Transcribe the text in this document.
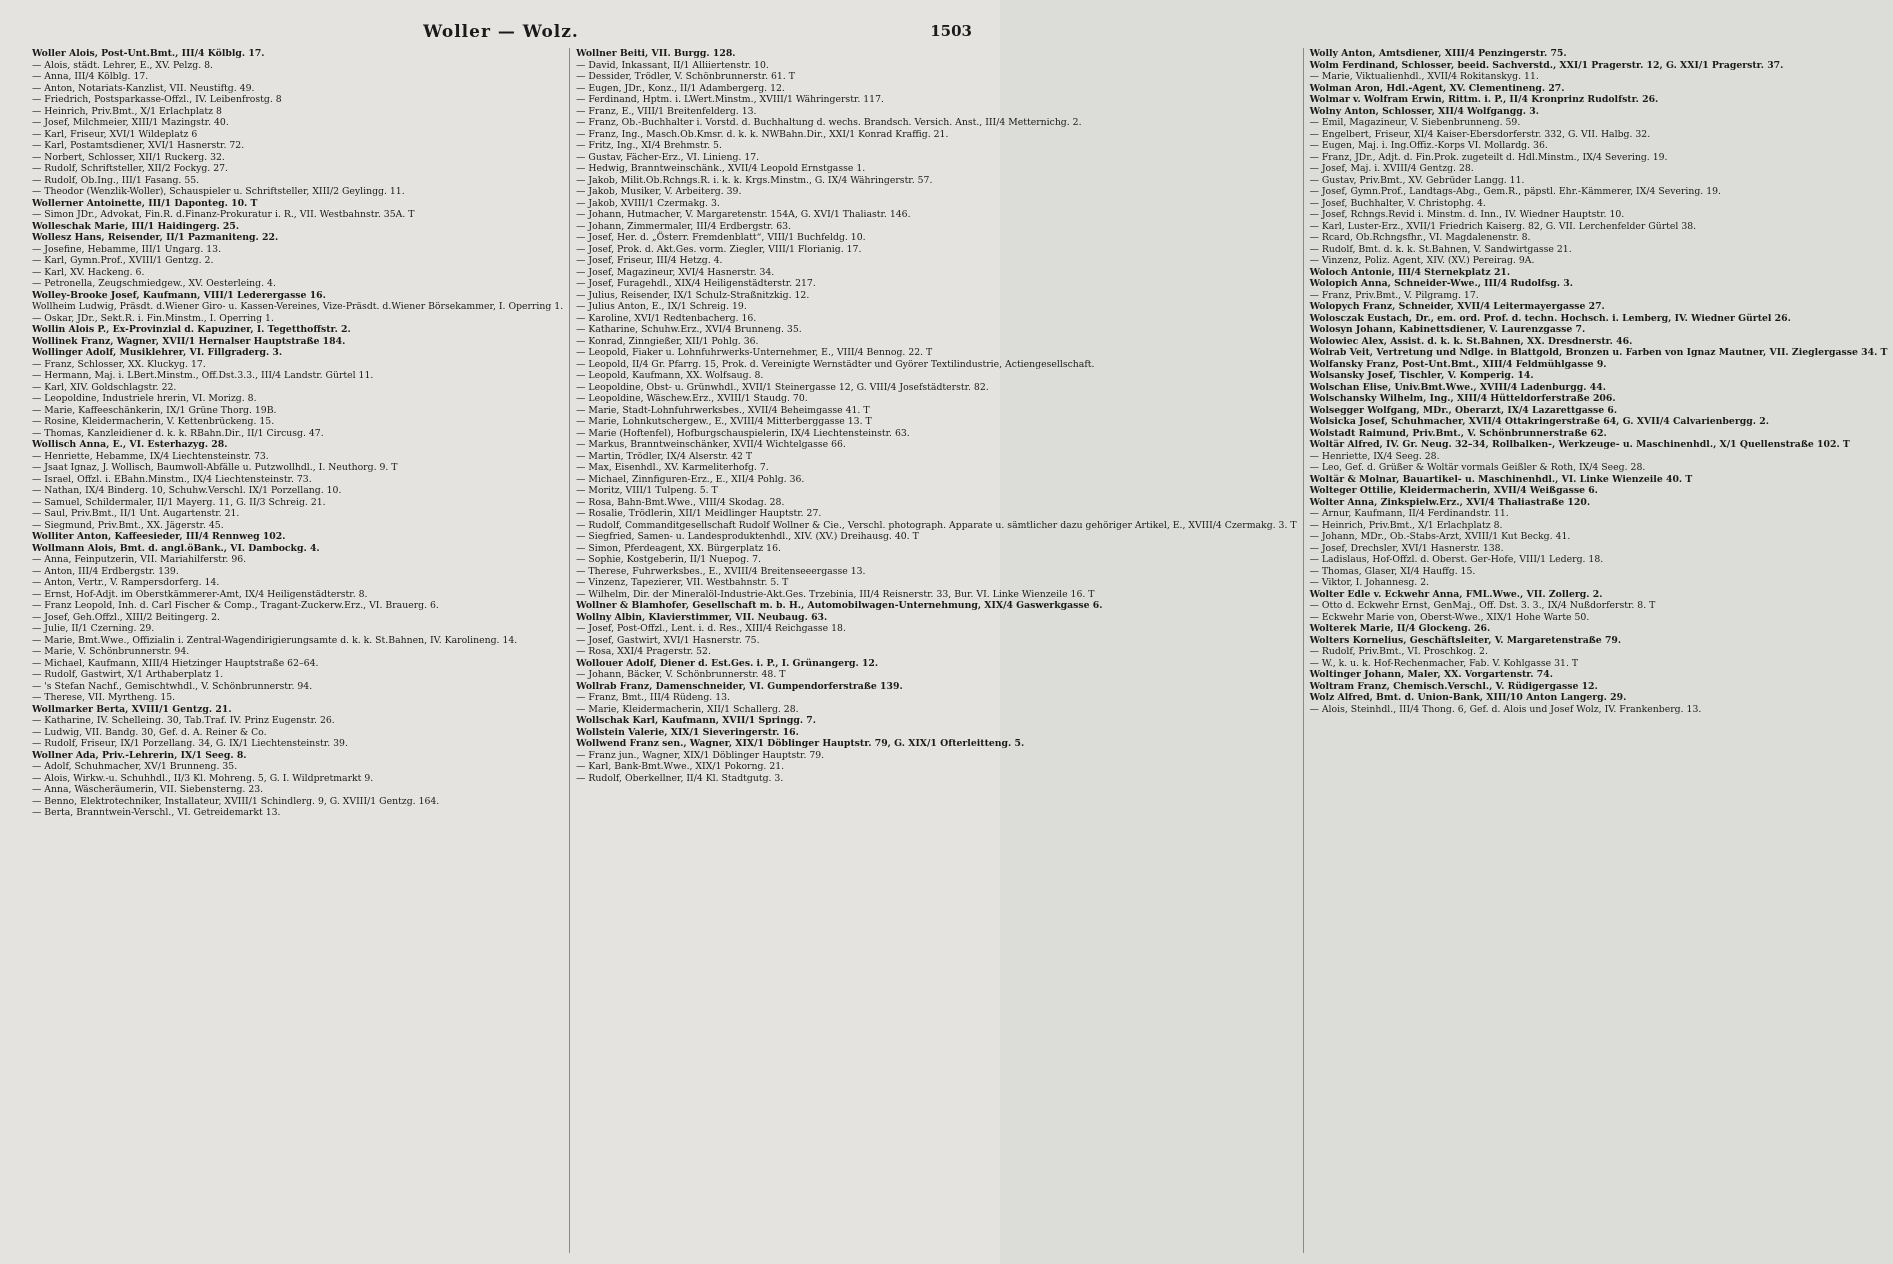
Woller — Wolz.	1503

Woller Alois, Post-Unt.Bmt., III/4 Kölblg. 17.

— Alois, städt. Lehrer, E., XV. Pelzg. 8.

— Anna, III/4 Kölblg. 17.

— Anton, Notariats-Kanzlist, VII. Neustiftg. 49.

— Friedrich, Postsparkasse-Offzl., IV. Leibenfrostg. 8

— Heinrich, Priv.Bmt., X/1 Erlachplatz 8

— Josef, Milchmeier, XIII/1 Mazingstr. 40.

— Karl, Friseur, XVI/1 Wildeplatz 6

— Karl, Postamtsdiener, XVI/1 Hasnerstr. 72.

— Norbert, Schlosser, XII/1 Ruckerg. 32.

— Rudolf, Schriftsteller, XII/2 Fockyg. 27.

— Rudolf, Ob.Ing., III/1 Fasang. 55.

— Theodor (Wenzlik-Woller), Schauspieler u. Schriftsteller, XIII/2 Geylingg. 11.

Wollerner Antoinette, III/1 Daponteg. 10. T

— Simon JDr., Advokat, Fin.R. d.Finanz-Prokuratur i. R., VII. Westbahnstr. 35A. T

Wolleschak Marie, III/1 Haidingerg. 25.

Wollesz Hans, Reisender, II/1 Pazmaniteng. 22.

— Josefine, Hebamme, III/1 Ungarg. 13.

— Karl, Gymn.Prof., XVIII/1 Gentzg. 2.

— Karl, XV. Hackeng. 6.

— Petronella, Zeugschmiedgew., XV. Oesterleing. 4.

Wolley-Brooke Josef, Kaufmann, VIII/1 Lederergasse 16.

Wollheim Ludwig, Präsdt. d.Wiener Giro- u. Kassen-Vereines, Vize-Präsdt. d.Wiener Börsekammer, I. Operring 1.

— Oskar, JDr., Sekt.R. i. Fin.Minstm., I. Operring 1.

Wollin Alois P., Ex-Provinzial d. Kapuziner, I. Tegetthoffstr. 2.

Wollinek Franz, Wagner, XVII/1 Hernalser Hauptstraße 184.

Wollinger Adolf, Musiklehrer, VI. Fillgraderg. 3.

— Franz, Schlosser, XX. Kluckyg. 17.

— Hermann, Maj. i. LBert.Minstm., Off.Dst.3.3., III/4 Landstr. Gürtel 11.

— Karl, XIV. Goldschlagstr. 22.

— Leopoldine, Industriele hrerin, VI. Morizg. 8.

— Marie, Kaffeeschänkerin, IX/1 Grüne Thorg. 19B.

— Rosine, Kleidermacherin, V. Kettenbrückeng. 15.

— Thomas, Kanzleidiener d. k. k. RBahn.Dir., II/1 Circusg. 47.

Wollisch Anna, E., VI. Esterhazyg. 28.

— Henriette, Hebamme, IX/4 Liechtensteinstr. 73.

— Jsaat Ignaz, J. Wollisch, Baumwoll-Abfälle u. Putzwollhdl., I. Neuthorg. 9. T

— Israel, Offzl. i. EBahn.Minstm., IX/4 Liechtensteinstr. 73.

— Nathan, IX/4 Binderg. 10, Schuhw.Verschl. IX/1 Porzellang. 10.

— Samuel, Schildermaler, II/1 Mayerg. 11, G. II/3 Schreig. 21.

— Saul, Priv.Bmt., II/1 Unt. Augartenstr. 21.

— Siegmund, Priv.Bmt., XX. Jägerstr. 45.

Wolliter Anton, Kaffeesieder, III/4 Rennweg 102.

Wollmann Alois, Bmt. d. angl.öBank., VI. Dambockg. 4.

— Anna, Feinputzerin, VII. Mariahilferstr. 96.

— Anton, III/4 Erdbergstr. 139.

— Anton, Vertr., V. Rampersdorferg. 14.

— Ernst, Hof-Adjt. im Oberstkämmerer-Amt, IX/4 Heiligenstädterstr. 8.

— Franz Leopold, Inh. d. Carl Fischer & Comp., Tragant-Zuckerw.Erz., VI. Brauerg. 6.

— Josef, Geh.Offzl., XIII/2 Beitingerg. 2.

— Julie, II/1 Czerning. 29.

— Marie, Bmt.Wwe., Offizialin i. Zentral-Wagendirigierungsamte d. k. k. St.Bahnen, IV. Karolineng. 14.

— Marie, V. Schönbrunnerstr. 94.

— Michael, Kaufmann, XIII/4 Hietzinger Hauptstraße 62–64.

— Rudolf, Gastwirt, X/1 Arthaberplatz 1.

— 's Stefan Nachf., Gemischtwhdl., V. Schönbrunnerstr. 94.

— Therese, VII. Myrtheng. 15.

Wollmarker Berta, XVIII/1 Gentzg. 21.

— Katharine, IV. Schelleing. 30, Tab.Traf. IV. Prinz Eugenstr. 26.

— Ludwig, VII. Bandg. 30, Gef. d. A. Reiner & Co.

— Rudolf, Friseur, IX/1 Porzellang. 34, G. IX/1 Liechtensteinstr. 39.

Wollner Ada, Priv.-Lehrerin, IX/1 Seeg. 8.

— Adolf, Schuhmacher, XV/1 Brunneng. 35.

— Alois, Wirkw.-u. Schuhhdl., II/3 Kl. Mohreng. 5, G. I. Wildpretmarkt 9.

— Anna, Wäscheräumerin, VII. Siebensterng. 23.

— Benno, Elektrotechniker, Installateur, XVIII/1 Schindlerg. 9, G. XVIII/1 Gentzg. 164.

— Berta, Branntwein-Verschl., VI. Getreidemarkt 13.

Wollner Beiti, VII. Burgg. 128.

— David, Inkassant, II/1 Alliiertenstr. 10.

— Dessider, Trödler, V. Schönbrunnerstr. 61. T

— Eugen, JDr., Konz., II/1 Adambergerg. 12.

— Ferdinand, Hptm. i. LWert.Minstm., XVIII/1 Währingerstr. 117.

— Franz, E., VIII/1 Breitenfelderg. 13.

— Franz, Ob.-Buchhalter i. Vorstd. d. Buchhaltung d. wechs. Brandsch. Versich. Anst., III/4 Metternichg. 2.

— Franz, Ing., Masch.Ob.Kmsr. d. k. k. NWBahn.Dir., XXI/1 Konrad Kraffig. 21.

— Fritz, Ing., XI/4 Brehmstr. 5.

— Gustav, Fächer-Erz., VI. Linieng. 17.

— Hedwig, Branntweinschänk., XVII/4 Leopold Ernstgasse 1.

— Jakob, Milit.Ob.Rchngs.R. i. k. k. Krgs.Minstm., G. IX/4 Währingerstr. 57.

— Jakob, Musiker, V. Arbeiterg. 39.

— Jakob, XVIII/1 Czermakg. 3.

— Johann, Hutmacher, V. Margaretenstr. 154A, G. XVI/1 Thaliastr. 146.

— Johann, Zimmermaler, III/4 Erdbergstr. 63.

— Josef, Her. d. „Österr. Fremdenblatt“, VIII/1 Buchfeldg. 10.

— Josef, Prok. d. Akt.Ges. vorm. Ziegler, VIII/1 Florianig. 17.

— Josef, Friseur, III/4 Hetzg. 4.

— Josef, Magazineur, XVI/4 Hasnerstr. 34.

— Josef, Furagehdl., XIX/4 Heiligenstädterstr. 217.

— Julius, Reisender, IX/1 Schulz-Straßnitzkig. 12.

— Julius Anton, E., IX/1 Schreig. 19.

— Karoline, XVI/1 Redtenbacherg. 16.

— Katharine, Schuhw.Erz., XVI/4 Brunneng. 35.

— Konrad, Zinngießer, XII/1 Pohlg. 36.

— Leopold, Fiaker u. Lohnfuhrwerks-Unternehmer, E., VIII/4 Bennog. 22. T

— Leopold, II/4 Gr. Pfarrg. 15, Prok. d. Vereinigte Wernstädter und Györer Textilindustrie, Actiengesellschaft.

— Leopold, Kaufmann, XX. Wolfsaug. 8.

— Leopoldine, Obst- u. Grünwhdl., XVII/1 Steinergasse 12, G. VIII/4 Josefstädterstr. 82.

— Leopoldine, Wäschew.Erz., XVIII/1 Staudg. 70.

— Marie, Stadt-Lohnfuhrwerksbes., XVII/4 Beheimgasse 41. T

— Marie, Lohnkutschergew., E., XVIII/4 Mitterberggasse 13. T

— Marie (Hoftenfel), Hofburgschauspielerin, IX/4 Liechtensteinstr. 63.

— Markus, Branntweinschänker, XVII/4 Wichtelgasse 66.

— Martin, Trödler, IX/4 Alserstr. 42 T

— Max, Eisenhdl., XV. Karmeliterhofg. 7.

— Michael, Zinnfiguren-Erz., E., XII/4 Pohlg. 36.

— Moritz, VIII/1 Tulpeng. 5. T

— Rosa, Bahn-Bmt.Wwe., VIII/4 Skodag. 28.

— Rosalie, Trödlerin, XII/1 Meidlinger Hauptstr. 27.

— Rudolf, Commanditgesellschaft Rudolf Wollner & Cie., Verschl. photograph. Apparate u. sämtlicher dazu gehöriger Artikel, E., XVIII/4 Czermakg. 3. T

— Siegfried, Samen- u. Landesproduktenhdl., XIV. (XV.) Dreihausg. 40. T

— Simon, Pferdeagent, XX. Bürgerplatz 16.

— Sophie, Kostgeberin, II/1 Nuepog. 7.

— Therese, Fuhrwerksbes., E., XVIII/4 Breitenseeergasse 13.

— Vinzenz, Tapezierer, VII. Westbahnstr. 5. T

— Wilhelm, Dir. der Mineralöl-Industrie-Akt.Ges. Trzebinia, III/4 Reisnerstr. 33, Bur. VI. Linke Wienzeile 16. T

Wollner & Blamhofer, Gesellschaft m. b. H., Automobilwagen-Unternehmung, XIX/4 Gaswerkgasse 6.

Wollny Albin, Klavierstimmer, VII. Neubaug. 63.

— Josef, Post-Offzl., Lent. i. d. Res., XIII/4 Reichgasse 18.

— Josef, Gastwirt, XVI/1 Hasnerstr. 75.

— Rosa, XXI/4 Pragerstr. 52.

Wollouer Adolf, Diener d. Est.Ges. i. P., I. Grünangerg. 12.

— Johann, Bäcker, V. Schönbrunnerstr. 48. T

Wollrab Franz, Damenschneider, VI. Gumpendorferstraße 139.

— Franz, Bmt., III/4 Rüdeng. 13.

— Marie, Kleidermacherin, XII/1 Schallerg. 28.

Wollschak Karl, Kaufmann, XVII/1 Springg. 7.

Wollstein Valerie, XIX/1 Sieveringerstr. 16.

Wollwend Franz sen., Wagner, XIX/1 Döblinger Hauptstr. 79, G. XIX/1 Ofterleitteng. 5.

— Franz jun., Wagner, XIX/1 Döblinger Hauptstr. 79.

— Karl, Bank-Bmt.Wwe., XIX/1 Pokorng. 21.

— Rudolf, Oberkellner, II/4 Kl. Stadtgutg. 3.

Wolly Anton, Amtsdiener, XIII/4 Penzingerstr. 75.

Wolm Ferdinand, Schlosser, beeid. Sachverstd., XXI/1 Pragerstr. 12, G. XXI/1 Pragerstr. 37.

— Marie, Viktualienhdl., XVII/4 Rokitanskyg. 11.

Wolman Aron, Hdl.-Agent, XV. Clementineng. 27.

Wolmar v. Wolfram Erwin, Rittm. i. P., II/4 Kronprinz Rudolfstr. 26.

Wolny Anton, Schlosser, XII/4 Wolfgangg. 3.

— Emil, Magazineur, V. Siebenbrunneng. 59.

— Engelbert, Friseur, XI/4 Kaiser-Ebersdorferstr. 332, G. VII. Halbg. 32.

— Eugen, Maj. i. Ing.Offiz.-Korps VI. Mollardg. 36.

— Franz, JDr., Adjt. d. Fin.Prok. zugeteilt d. Hdl.Minstm., IX/4 Severing. 19.

— Josef, Maj. i. XVIII/4 Gentzg. 28.

— Gustav, Priv.Bmt., XV. Gebrüder Langg. 11.

— Josef, Gymn.Prof., Landtags-Abg., Gem.R., päpstl. Ehr.-Kämmerer, IX/4 Severing. 19.

— Josef, Buchhalter, V. Christophg. 4.

— Josef, Rchngs.Revid i. Minstm. d. Inn., IV. Wiedner Hauptstr. 10.

— Karl, Luster-Erz., XVII/1 Friedrich Kaiserg. 82, G. VII. Lerchenfelder Gürtel 38.

— Rcard, Ob.Rchngsfhr., VI. Magdalenenstr. 8.

— Rudolf, Bmt. d. k. k. St.Bahnen, V. Sandwirtgasse 21.

— Vinzenz, Poliz. Agent, XIV. (XV.) Pereirag. 9A.

Woloch Antonie, III/4 Sternekplatz 21.

Wolopich Anna, Schneider-Wwe., III/4 Rudolfsg. 3.

— Franz, Priv.Bmt., V. Pilgramg. 17.

Wolopych Franz, Schneider, XVII/4 Leitermayergasse 27.

Wolosczak Eustach, Dr., em. ord. Prof. d. techn. Hochsch. i. Lemberg, IV. Wiedner Gürtel 26.

Wolosyn Johann, Kabinettsdiener, V. Laurenzgasse 7.

Wolowiec Alex, Assist. d. k. k. St.Bahnen, XX. Dresdnerstr. 46.

Wolrab Veit, Vertretung und Ndlge. in Blattgold, Bronzen u. Farben von Ignaz Mautner, VII. Zieglergasse 34. T

Wolfansky Franz, Post-Unt.Bmt., XIII/4 Feldmühlgasse 9.

Wolsansky Josef, Tischler, V. Komperig. 14.

Wolschan Elise, Univ.Bmt.Wwe., XVIII/4 Ladenburgg. 44.

Wolschansky Wilhelm, Ing., XIII/4 Hütteldorferstraße 206.

Wolsegger Wolfgang, MDr., Oberarzt, IX/4 Lazarettgasse 6.

Wolsicka Josef, Schuhmacher, XVII/4 Ottakringerstraße 64, G. XVII/4 Calvarienbergg. 2.

Wolstadt Raimund, Priv.Bmt., V. Schönbrunnerstraße 62.

Woltär Alfred, IV. Gr. Neug. 32–34, Rollbalken-, Werkzeuge- u. Maschinenhdl., X/1 Quellenstraße 102. T

— Henriette, IX/4 Seeg. 28.

— Leo, Gef. d. Grüßer & Woltär vormals Geißler & Roth, IX/4 Seeg. 28.

Woltär & Molnar, Bauartikel- u. Maschinenhdl., VI. Linke Wienzeile 40. T

Wolteger Ottilie, Kleidermacherin, XVII/4 Weißgasse 6.

Wolter Anna, Zinkspielw.Erz., XVI/4 Thaliastraße 120.

— Arnur, Kaufmann, II/4 Ferdinandstr. 11.

— Heinrich, Priv.Bmt., X/1 Erlachplatz 8.

— Johann, MDr., Ob.-Stabs-Arzt, XVIII/1 Kut Beckg. 41.

— Josef, Drechsler, XVI/1 Hasnerstr. 138.

— Ladislaus, Hof-Offzl. d. Oberst. Ger-Hofe, VIII/1 Lederg. 18.

— Thomas, Glaser, XI/4 Hauffg. 15.

— Viktor, I. Johannesg. 2.

Wolter Edle v. Eckwehr Anna, FML.Wwe., VII. Zollerg. 2.

— Otto d. Eckwehr Ernst, GenMaj., Off. Dst. 3. 3., IX/4 Nußdorferstr. 8. T

— Eckwehr Marie von, Oberst-Wwe., XIX/1 Hohe Warte 50.

Wolterek Marie, II/4 Glockeng. 26.

Wolters Kornelius, Geschäftsleiter, V. Margaretenstraße 79.

— Rudolf, Priv.Bmt., VI. Proschkog. 2.

— W., k. u. k. Hof-Rechenmacher, Fab. V. Kohlgasse 31. T

Woltinger Johann, Maler, XX. Vorgartenstr. 74.

Woltram Franz, Chemisch.Verschl., V. Rüdigergasse 12.

Wolz Alfred, Bmt. d. Union-Bank, XIII/10 Anton Langerg. 29.

— Alois, Steinhdl., III/4 Thong. 6, Gef. d. Alois und Josef Wolz, IV. Frankenberg. 13.
